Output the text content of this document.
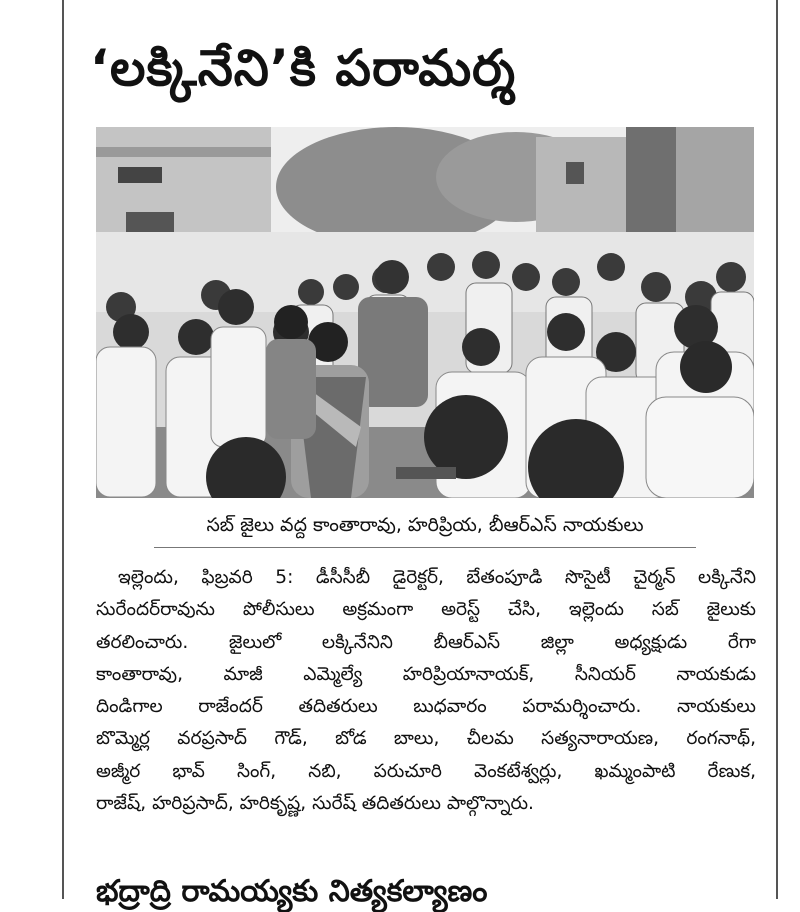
‘లక్కినేని’కి పరామర్శ
సబ్‌ జైలు వద్ద కాంతారావు, హరిప్రియ, బీఆర్‌ఎస్‌ నాయకులు
ఇల్లెందు, ఫిబ్రవరి 5: డీసీసీబీ డైరెక్టర్‌, బేతంపూడి సొసైటీ చైర్మన్‌ లక్కినేని
సురేందర్‌రావును పోలీసులు అక్రమంగా అరెస్ట్‌ చేసి, ఇల్లెందు సబ్‌ జైలుకు
తరలించారు. జైలులో లక్కినేనిని బీఆర్‌ఎస్‌ జిల్లా అధ్యక్షుడు రేగా
కాంతారావు, మాజీ ఎమ్మెల్యే హరిప్రియానాయక్‌, సీనియర్‌ నాయకుడు
దిండిగాల రాజేందర్‌ తదితరులు బుధవారం పరామర్శించారు. నాయకులు
బొమ్మెర్ల వరప్రసాద్‌ గౌడ్‌, బోడ బాలు, చీలమ సత్యనారాయణ, రంగనాథ్‌,
అజ్మీర భావ్‌ సింగ్‌, నబి, పరుచూరి వెంకటేశ్వర్లు, ఖమ్మంపాటి రేణుక,
రాజేష్‌, హరిప్రసాద్‌, హరికృష్ణ, సురేష్‌ తదితరులు పాల్గొన్నారు.
భద్రాద్రి రామయ్యకు నిత్యకల్యాణం
